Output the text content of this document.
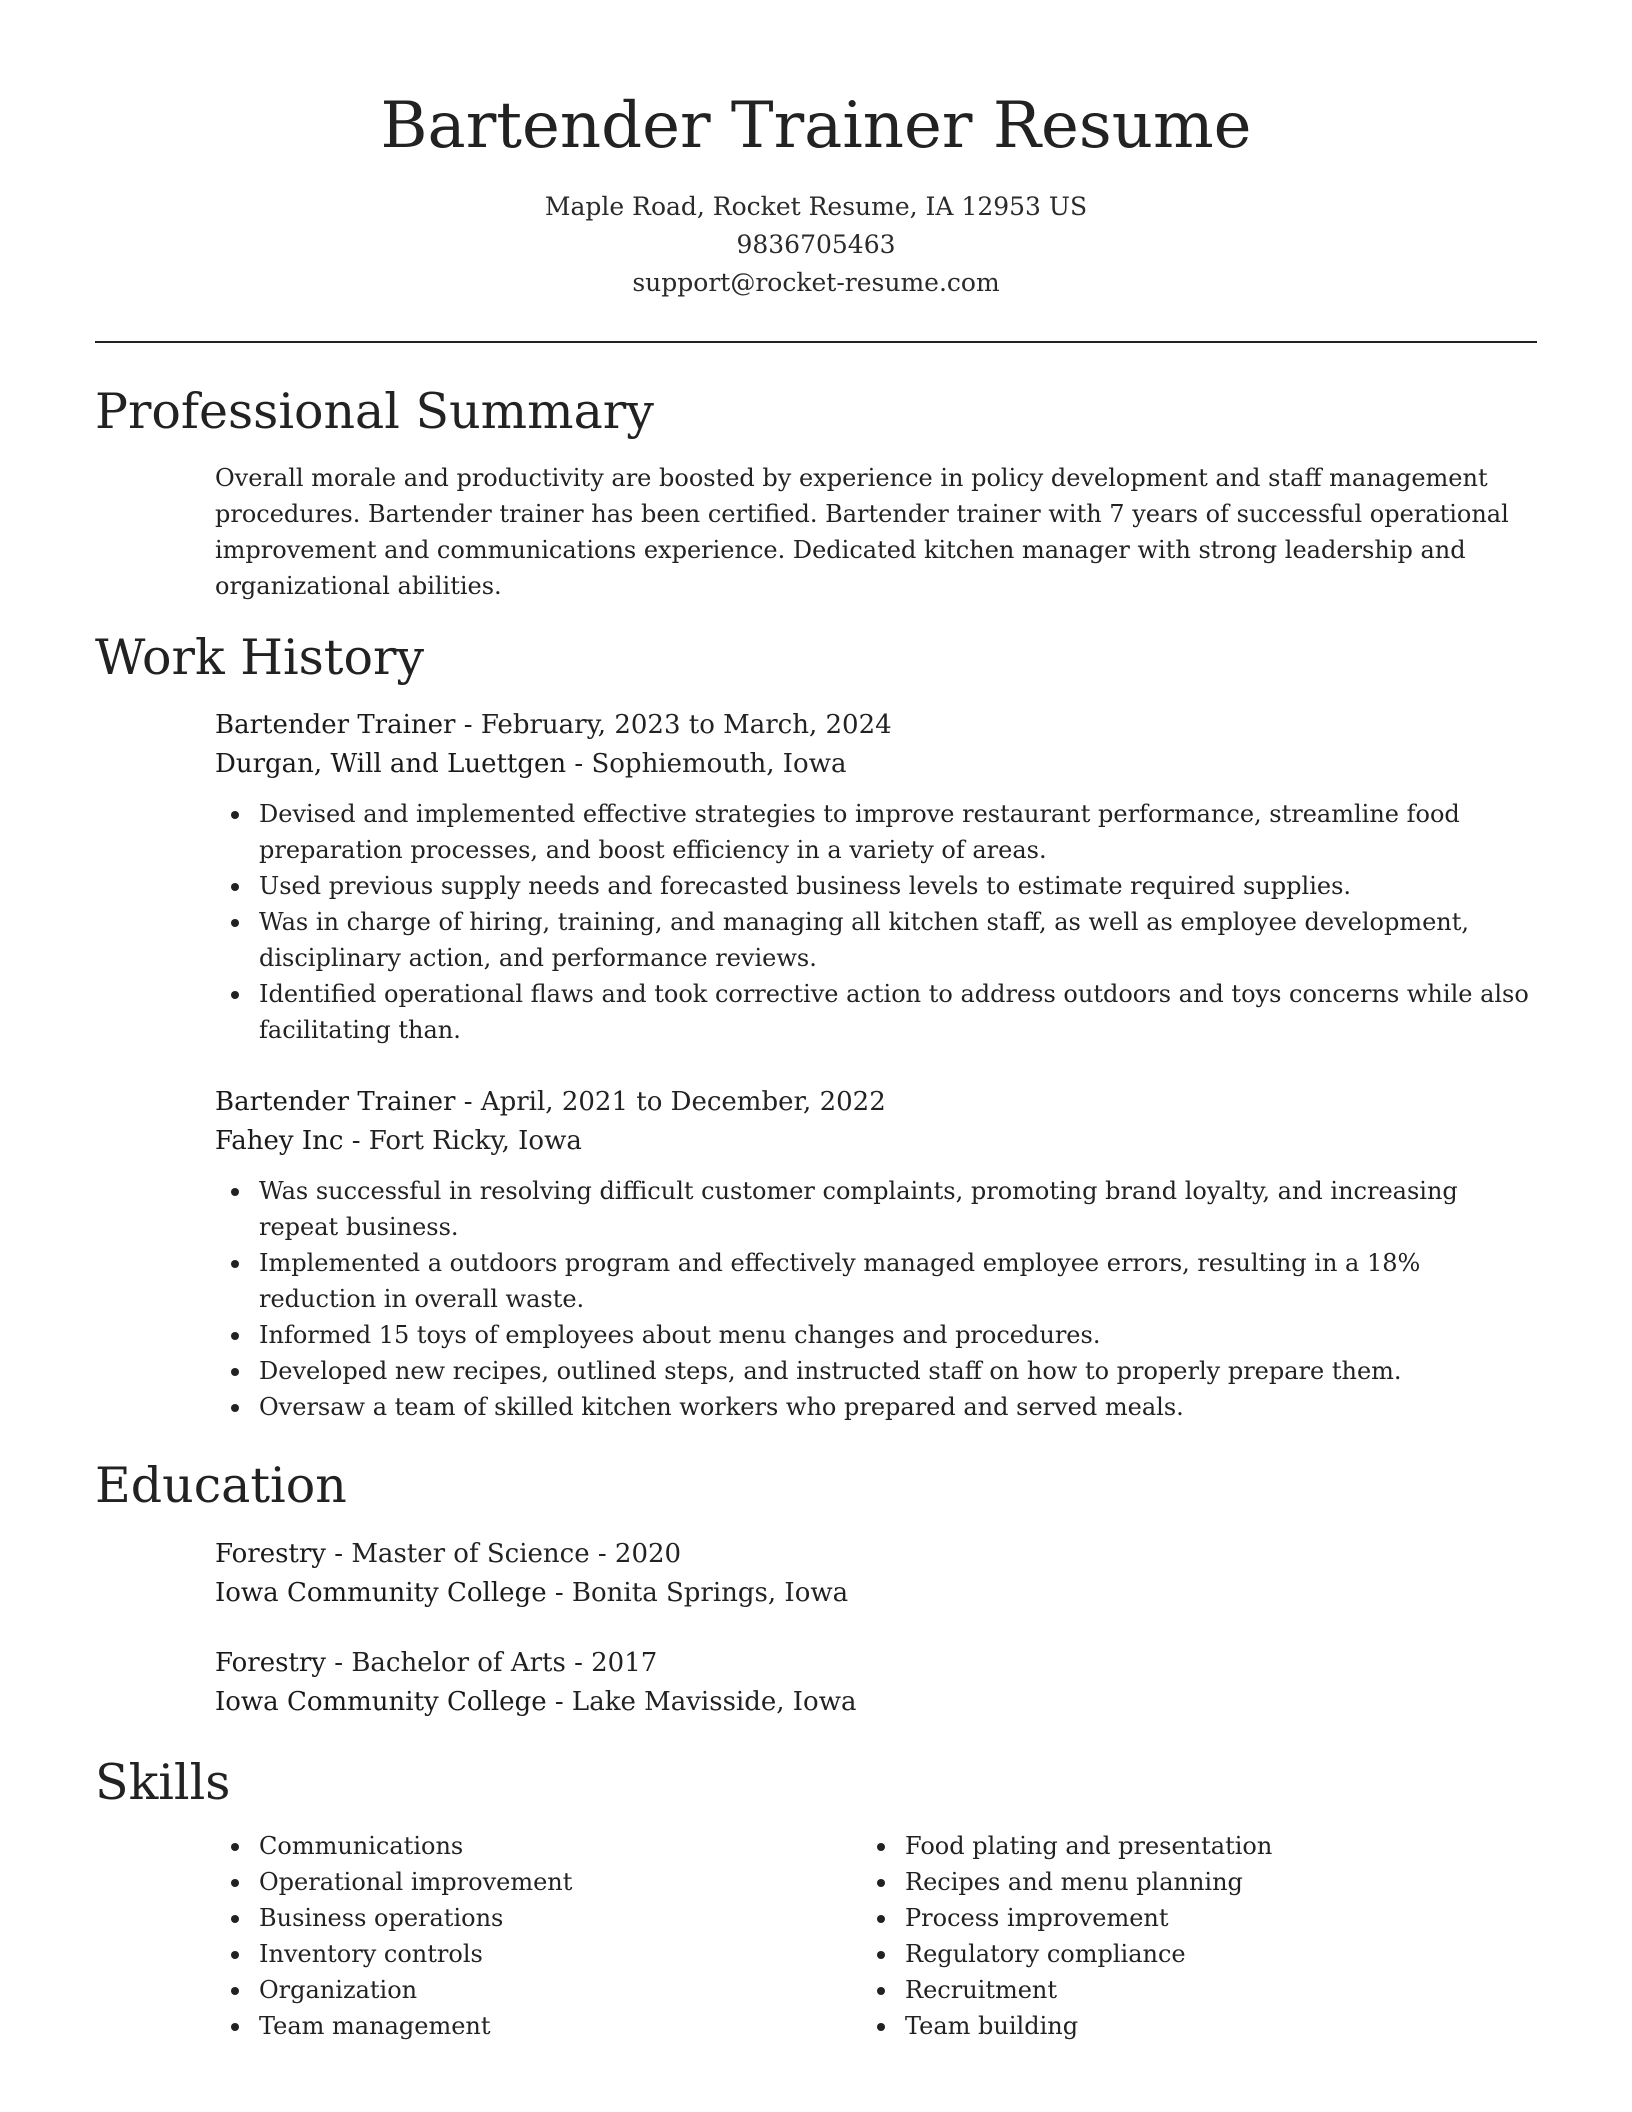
Bartender Trainer Resume
Maple Road, Rocket Resume, IA 12953 US
9836705463
support@rocket-resume.com
Professional Summary

Overall morale and productivity are boosted by experience in policy development and staff management procedures. Bartender trainer has been certified. Bartender trainer with 7 years of successful operational improvement and communications experience. Dedicated kitchen manager with strong leadership and organizational abilities.

Work History

Bartender Trainer - February, 2023 to March, 2024

Durgan, Will and Luettgen - Sophiemouth, Iowa

Devised and implemented effective strategies to improve restaurant performance, streamline food preparation processes, and boost efficiency in a variety of areas.
Used previous supply needs and forecasted business levels to estimate required supplies.
Was in charge of hiring, training, and managing all kitchen staff, as well as employee development, disciplinary action, and performance reviews.
Identified operational flaws and took corrective action to address outdoors and toys concerns while also facilitating than.

Bartender Trainer - April, 2021 to December, 2022

Fahey Inc - Fort Ricky, Iowa

Was successful in resolving difficult customer complaints, promoting brand loyalty, and increasing repeat business.
Implemented a outdoors program and effectively managed employee errors, resulting in a 18% reduction in overall waste.
Informed 15 toys of employees about menu changes and procedures.
Developed new recipes, outlined steps, and instructed staff on how to properly prepare them.
Oversaw a team of skilled kitchen workers who prepared and served meals.
Education

Forestry - Master of Science - 2020

Iowa Community College - Bonita Springs, Iowa

Forestry - Bachelor of Arts - 2017

Iowa Community College - Lake Mavisside, Iowa

Skills
Communications
Operational improvement
Business operations
Inventory controls
Organization
Team management
Food plating and presentation
Recipes and menu planning
Process improvement
Regulatory compliance
Recruitment
Team building
